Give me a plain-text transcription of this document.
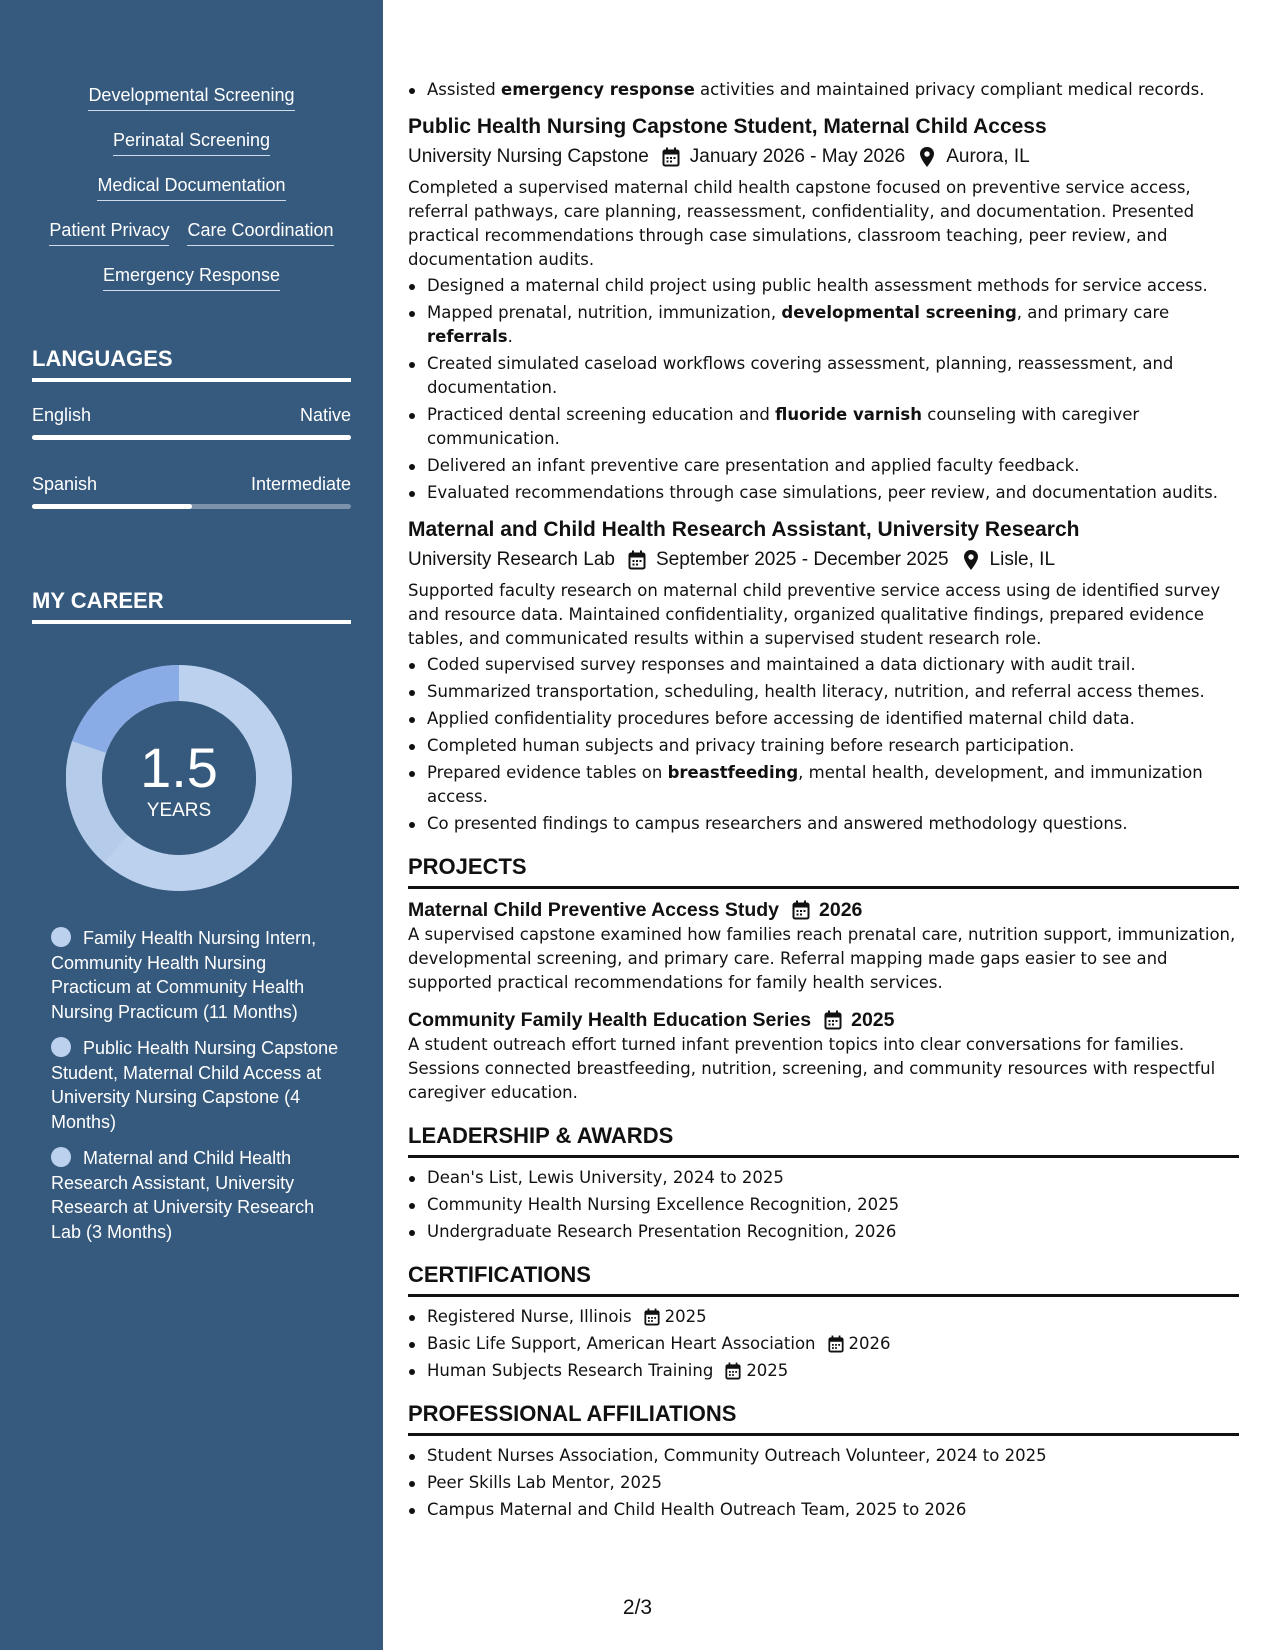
Developmental Screening
Perinatal Screening
Medical Documentation
Patient Privacy Care Coordination
Emergency Response
LANGUAGES
English	Native
Spanish	Intermediate
MY CAREER
1.5
YEARS
Family Health Nursing Intern, Community Health Nursing Practicum at Community Health Nursing Practicum (11 Months)
Public Health Nursing Capstone Student, Maternal Child Access at University Nursing Capstone (4 Months)
Maternal and Child Health Research Assistant, University Research at University Research Lab (3 Months)
Assisted emergency response activities and maintained privacy compliant medical records.
Public Health Nursing Capstone Student, Maternal Child Access
University Nursing Capstone January 2026 - May 2026 Aurora, IL
Completed a supervised maternal child health capstone focused on preventive service access, referral pathways, care planning, reassessment, confidentiality, and documentation. Presented practical recommendations through case simulations, classroom teaching, peer review, and documentation audits.
Designed a maternal child project using public health assessment methods for service access.
Mapped prenatal, nutrition, immunization, developmental screening, and primary care referrals.
Created simulated caseload workflows covering assessment, planning, reassessment, and documentation.
Practiced dental screening education and fluoride varnish counseling with caregiver communication.
Delivered an infant preventive care presentation and applied faculty feedback.
Evaluated recommendations through case simulations, peer review, and documentation audits.
Maternal and Child Health Research Assistant, University Research
University Research Lab September 2025 - December 2025 Lisle, IL
Supported faculty research on maternal child preventive service access using de identified survey and resource data. Maintained confidentiality, organized qualitative findings, prepared evidence tables, and communicated results within a supervised student research role.
Coded supervised survey responses and maintained a data dictionary with audit trail.
Summarized transportation, scheduling, health literacy, nutrition, and referral access themes.
Applied confidentiality procedures before accessing de identified maternal child data.
Completed human subjects and privacy training before research participation.
Prepared evidence tables on breastfeeding, mental health, development, and immunization access.
Co presented findings to campus researchers and answered methodology questions.
PROJECTS
Maternal Child Preventive Access Study 2026
A supervised capstone examined how families reach prenatal care, nutrition support, immunization, developmental screening, and primary care. Referral mapping made gaps easier to see and supported practical recommendations for family health services.
Community Family Health Education Series 2025
A student outreach effort turned infant prevention topics into clear conversations for families. Sessions connected breastfeeding, nutrition, screening, and community resources with respectful caregiver education.
LEADERSHIP & AWARDS
Dean's List, Lewis University, 2024 to 2025
Community Health Nursing Excellence Recognition, 2025
Undergraduate Research Presentation Recognition, 2026
CERTIFICATIONS
Registered Nurse, Illinois 2025
Basic Life Support, American Heart Association 2026
Human Subjects Research Training 2025
PROFESSIONAL AFFILIATIONS
Student Nurses Association, Community Outreach Volunteer, 2024 to 2025
Peer Skills Lab Mentor, 2025
Campus Maternal and Child Health Outreach Team, 2025 to 2026
2/3
